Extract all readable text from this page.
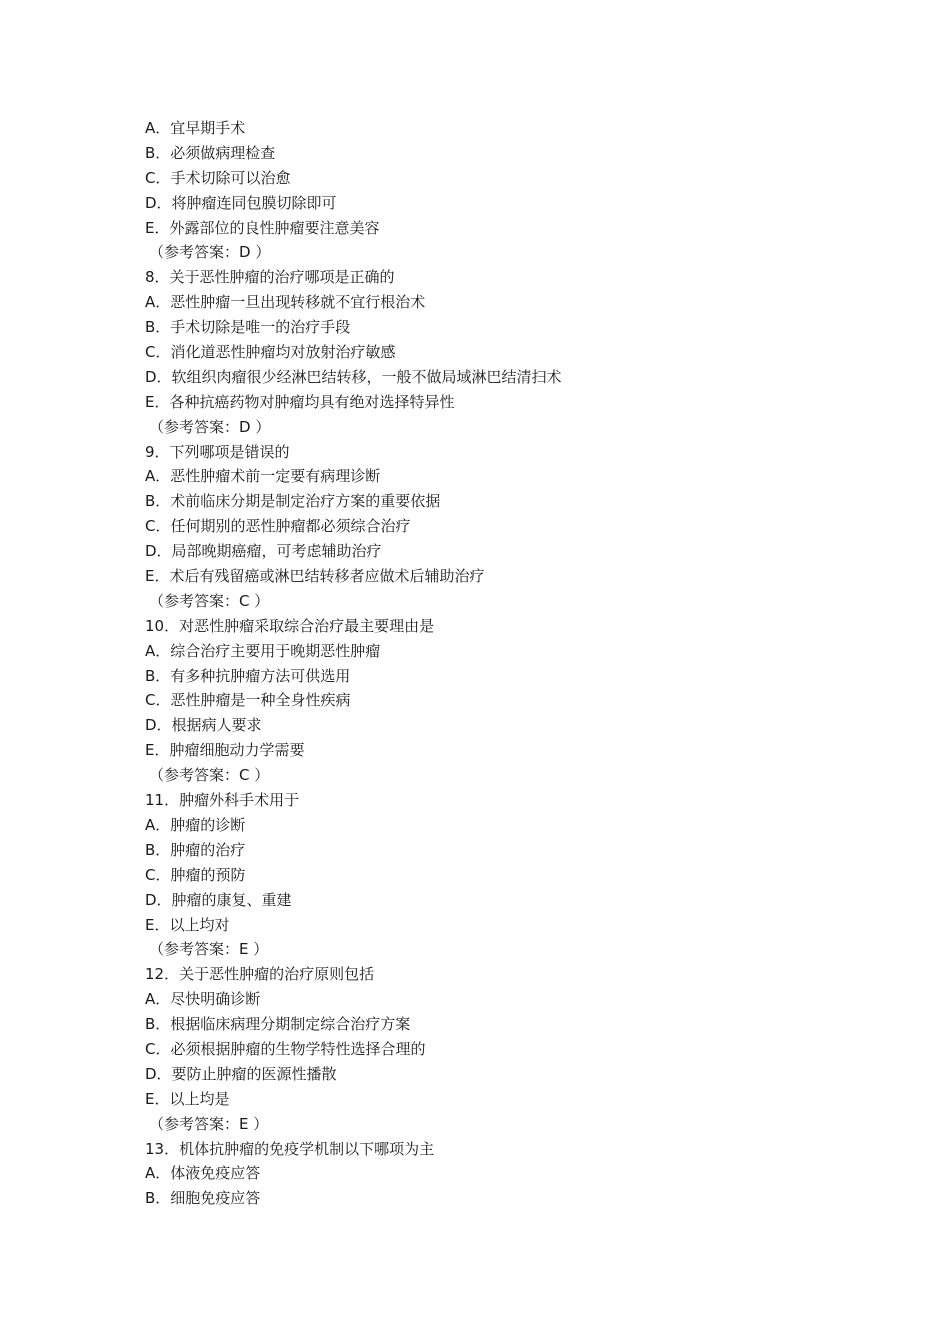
A．宜早期手术
B．必须做病理检查
C．手术切除可以治愈
D．将肿瘤连同包膜切除即可
E．外露部位的良性肿瘤要注意美容
（参考答案：D ）
8．关于恶性肿瘤的治疗哪项是正确的
A．恶性肿瘤一旦出现转移就不宜行根治术
B．手术切除是唯一的治疗手段
C．消化道恶性肿瘤均对放射治疗敏感
D．软组织肉瘤很少经淋巴结转移，一般不做局域淋巴结清扫术
E．各种抗癌药物对肿瘤均具有绝对选择特异性
（参考答案：D ）
9．下列哪项是错误的
A．恶性肿瘤术前一定要有病理诊断
B．术前临床分期是制定治疗方案的重要依据
C．任何期别的恶性肿瘤都必须综合治疗
D．局部晚期癌瘤，可考虑辅助治疗
E．术后有残留癌或淋巴结转移者应做术后辅助治疗
（参考答案：C ）
10．对恶性肿瘤采取综合治疗最主要理由是
A．综合治疗主要用于晚期恶性肿瘤
B．有多种抗肿瘤方法可供选用
C．恶性肿瘤是一种全身性疾病
D．根据病人要求
E．肿瘤细胞动力学需要
（参考答案：C ）
11．肿瘤外科手术用于
A．肿瘤的诊断
B．肿瘤的治疗
C．肿瘤的预防
D．肿瘤的康复、重建
E．以上均对
（参考答案：E ）
12．关于恶性肿瘤的治疗原则包括
A．尽快明确诊断
B．根据临床病理分期制定综合治疗方案
C．必须根据肿瘤的生物学特性选择合理的
D．要防止肿瘤的医源性播散
E．以上均是
（参考答案：E ）
13．机体抗肿瘤的免疫学机制以下哪项为主
A．体液免疫应答
B．细胞免疫应答
